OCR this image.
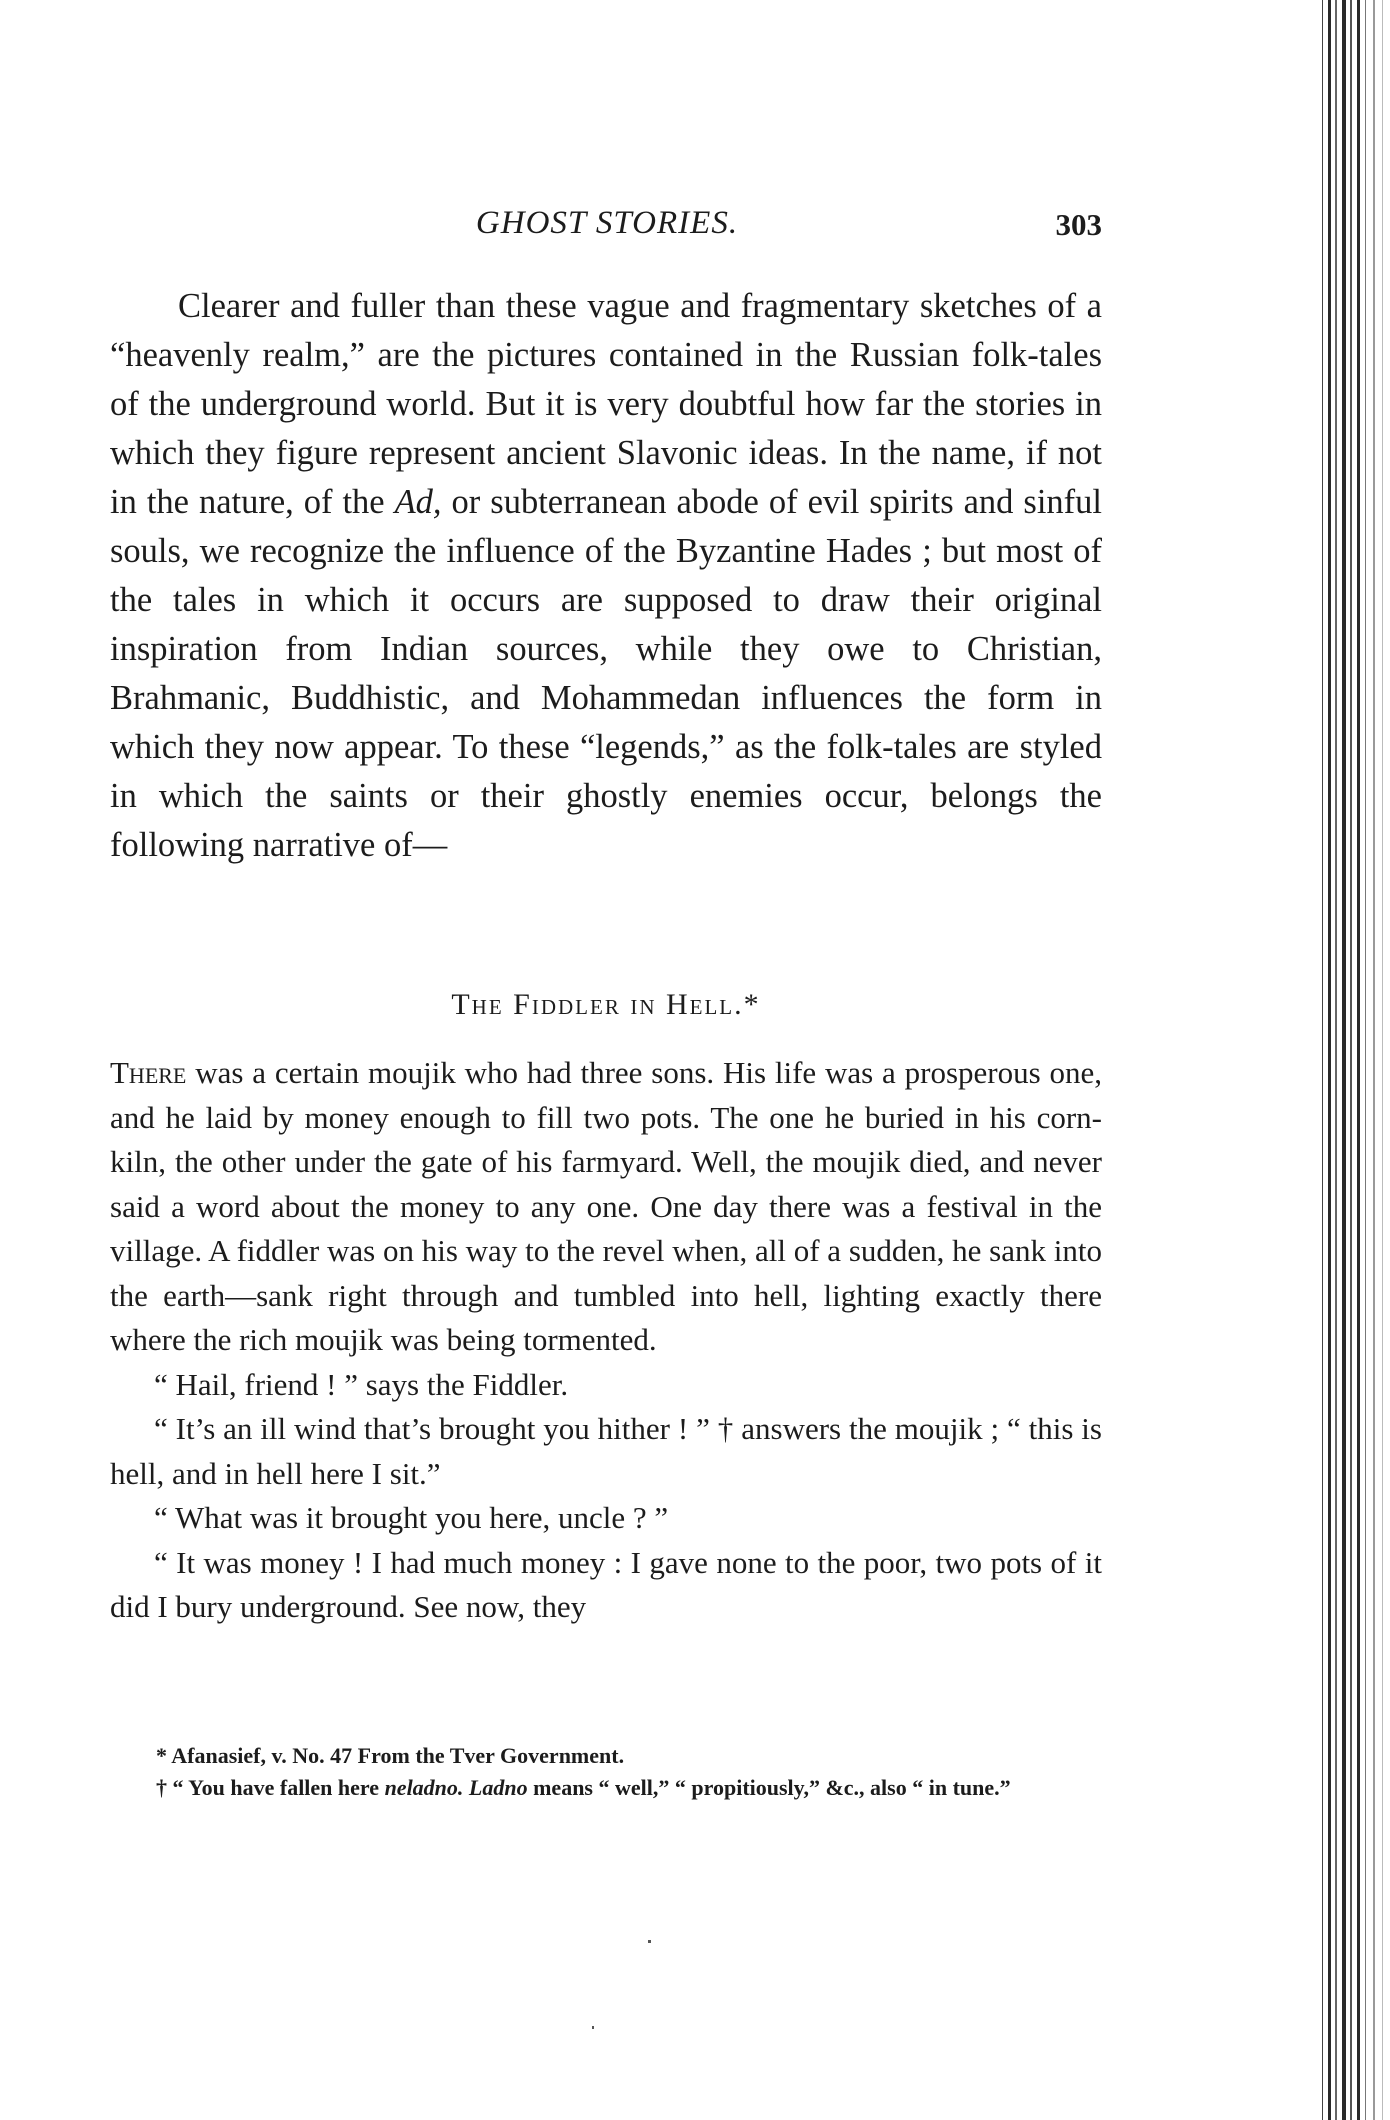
GHOST STORIES.	303

Clearer and fuller than these vague and fragmentary sketches of a “heavenly realm,” are the pictures contained in the Russian folk-tales of the underground world. But it is very doubtful how far the stories in which they figure represent ancient Slavonic ideas. In the name, if not in the nature, of the Ad, or subterranean abode of evil spirits and sinful souls, we recognize the influence of the Byzantine Hades ; but most of the tales in which it occurs are supposed to draw their original inspiration from Indian sources, while they owe to Christian, Brahmanic, Buddhistic, and Mohammedan influences the form in which they now appear. To these “legends,” as the folk-tales are styled in which the saints or their ghostly enemies occur, belongs the following narrative of—

The Fiddler in Hell.*

There was a certain moujik who had three sons. His life was a prosperous one, and he laid by money enough to fill two pots. The one he buried in his corn-kiln, the other under the gate of his farmyard. Well, the moujik died, and never said a word about the money to any one. One day there was a festival in the village. A fiddler was on his way to the revel when, all of a sudden, he sank into the earth—sank right through and tumbled into hell, lighting exactly there where the rich moujik was being tormented.

“ Hail, friend ! ” says the Fiddler.

“ It’s an ill wind that’s brought you hither ! ” † answers the moujik ; “ this is hell, and in hell here I sit.”

“ What was it brought you here, uncle ? ”

“ It was money ! I had much money : I gave none to the poor, two pots of it did I bury underground. See now, they

* Afanasief, v. No. 47 From the Tver Government.

† “ You have fallen here neladno. Ladno means “ well,” “ propitiously,” &c., also “ in tune.”
